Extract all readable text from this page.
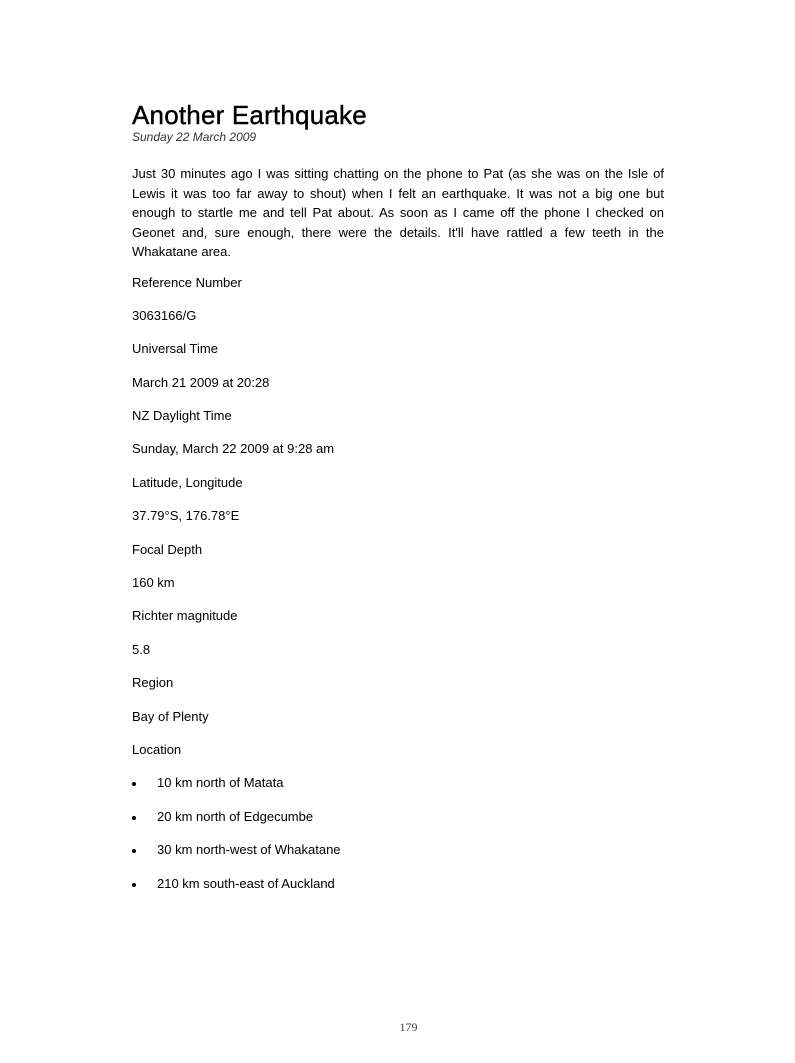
Another Earthquake

Sunday 22 March 2009

Just 30 minutes ago I was sitting chatting on the phone to Pat (as she was on the Isle of Lewis it was too far away to shout) when I felt an earthquake. It was not a big one but enough to startle me and tell Pat about. As soon as I came off the phone I checked on Geonet and, sure enough, there were the details. It'll have rattled a few teeth in the Whakatane area.

Reference Number

3063166/G

Universal Time

March 21 2009 at 20:28

NZ Daylight Time

Sunday, March 22 2009 at 9:28 am

Latitude, Longitude

37.79°S, 176.78°E

Focal Depth

160 km

Richter magnitude

5.8

Region

Bay of Plenty

Location

10 km north of Matata
20 km north of Edgecumbe
30 km north-west of Whakatane
210 km south-east of Auckland
179
